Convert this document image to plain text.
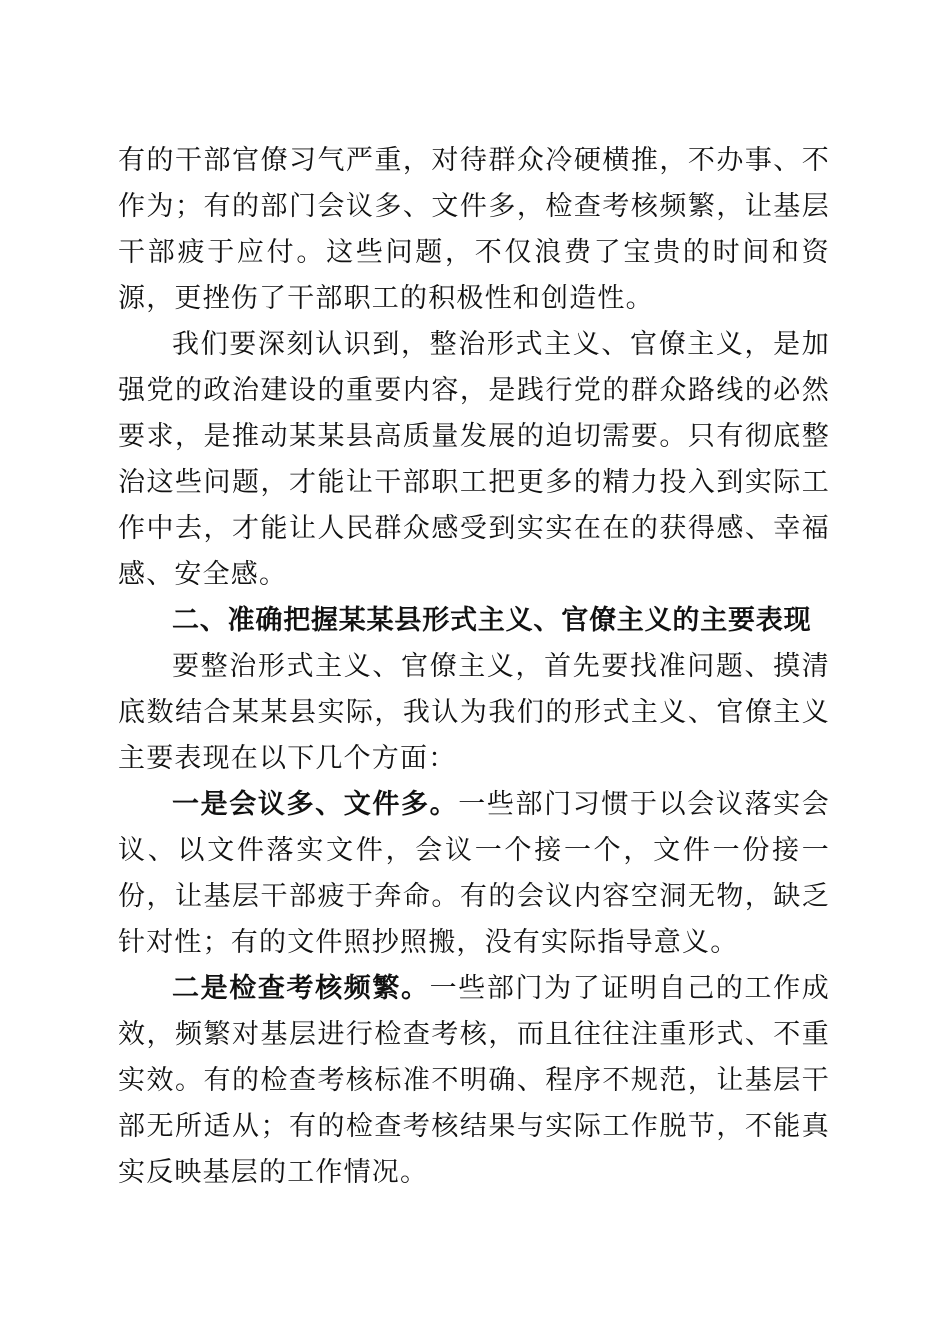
有的干部官僚习气严重，对待群众冷硬横推，不办事、不作为；有的部门会议多、文件多，检查考核频繁，让基层干部疲于应付。这些问题，不仅浪费了宝贵的时间和资源，更挫伤了干部职工的积极性和创造性。

我们要深刻认识到，整治形式主义、官僚主义，是加强党的政治建设的重要内容，是践行党的群众路线的必然要求，是推动某某县高质量发展的迫切需要。只有彻底整治这些问题，才能让干部职工把更多的精力投入到实际工作中去，才能让人民群众感受到实实在在的获得感、幸福感、安全感。

二、准确把握某某县形式主义、官僚主义的主要表现

要整治形式主义、官僚主义，首先要找准问题、摸清底数结合某某县实际，我认为我们的形式主义、官僚主义主要表现在以下几个方面：

一是会议多、文件多。一些部门习惯于以会议落实会议、以文件落实文件，会议一个接一个，文件一份接一份，让基层干部疲于奔命。有的会议内容空洞无物，缺乏针对性；有的文件照抄照搬，没有实际指导意义。

二是检查考核频繁。一些部门为了证明自己的工作成效，频繁对基层进行检查考核，而且往往注重形式、不重实效。有的检查考核标准不明确、程序不规范，让基层干部无所适从；有的检查考核结果与实际工作脱节，不能真实反映基层的工作情况。
